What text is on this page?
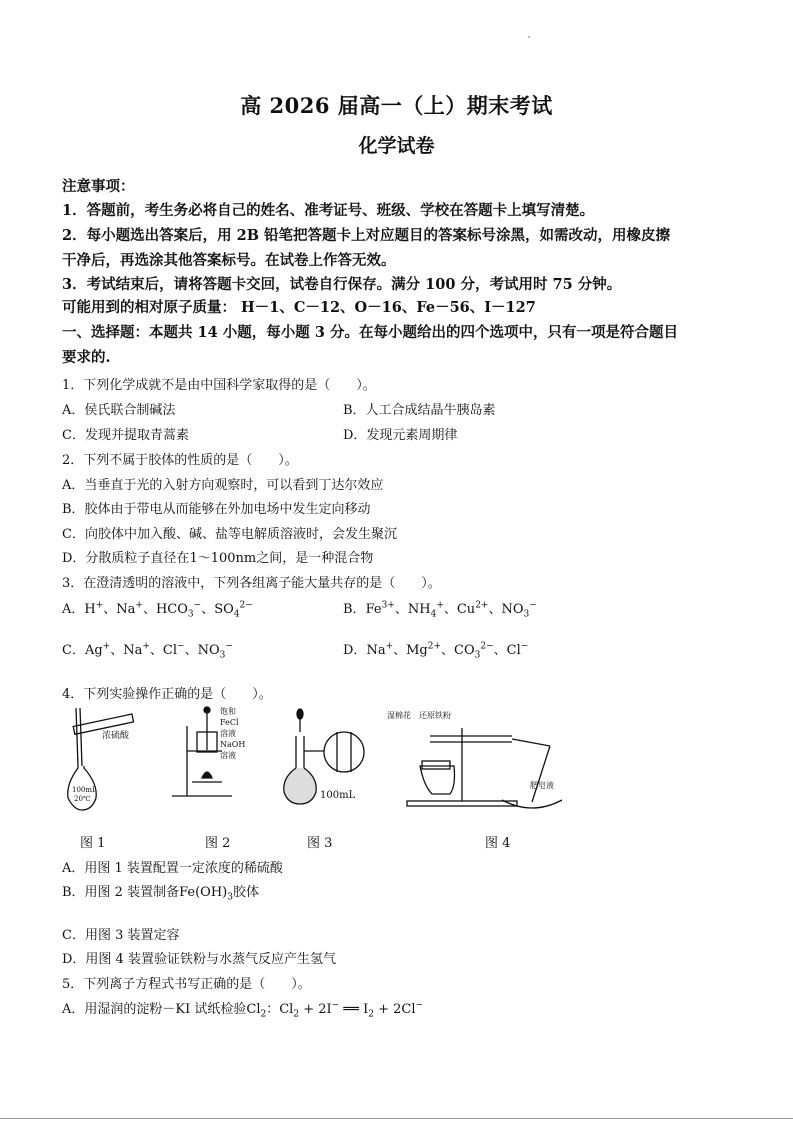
高 2026 届高一（上）期末考试
化学试卷
注意事项：
1．答题前，考生务必将自己的姓名、准考证号、班级、学校在答题卡上填写清楚。
2．每小题选出答案后，用 2B 铅笔把答题卡上对应题目的答案标号涂黑，如需改动，用橡皮擦
干净后，再选涂其他答案标号。在试卷上作答无效。
3．考试结束后，请将答题卡交回，试卷自行保存。满分 100 分，考试用时 75 分钟。
可能用到的相对原子质量： H－1、C－12、O－16、Fe－56、I－127
一、选择题：本题共 14 小题，每小题 3 分。在每小题给出的四个选项中，只有一项是符合题目
要求的.
1．下列化学成就不是由中国科学家取得的是（　　）。
A．侯氏联合制碱法	B．人工合成结晶牛胰岛素
C．发现并提取青蒿素	D．发现元素周期律
2．下列不属于胶体的性质的是（　　）。
A．当垂直于光的入射方向观察时，可以看到丁达尔效应
B．胶体由于带电从而能够在外加电场中发生定向移动
C．向胶体中加入酸、碱、盐等电解质溶液时，会发生聚沉
D．分散质粒子直径在1～100nm之间，是一种混合物
3．在澄清透明的溶液中，下列各组离子能大量共存的是（　　）。
A．H+、Na+、$HCO_3^-$、$SO_4^{2-}$	B．$Fe^{3+}$、$NH_4^+$、$Cu^{2+}$、$NO_3^-$
C．Ag+、Na+、Cl−、$NO_3^-$	D．Na+、$Mg^{2+}$、$CO_3^{2-}$、Cl−
4．下列实验操作正确的是（　　）。
浓硫酸
100mL
20℃
饱和
FeCl
溶液
NaOH
溶液
100mL
湿棉花 还原铁粉
肥皂液
图 1	图 2	图 3	图 4
A．用图 1 装置配置一定浓度的稀硫酸
B．用图 2 装置制备$Fe(OH)_3$胶体
C．用图 3 装置定容
D．用图 4 装置验证铁粉与水蒸气反应产生氢气
5．下列离子方程式书写正确的是（　　）。
A．用湿润的淀粉－KI 试纸检验$Cl_2$：$Cl_2 + 2I^-$ ══ $I_2 + 2Cl^-$
